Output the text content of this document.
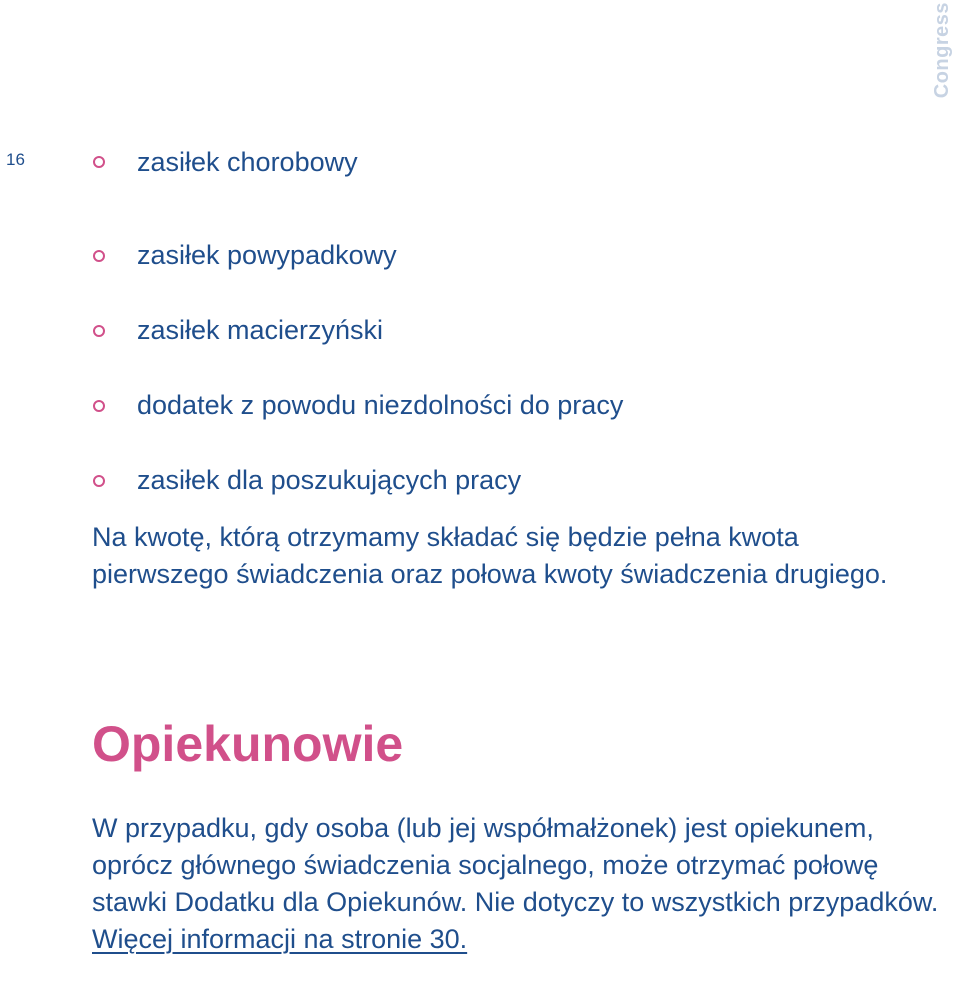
Congress
16	zasiłek chorobowy
zasiłek powypadkowy
zasiłek macierzyński
dodatek z powodu niezdolności do pracy
zasiłek dla poszukujących pracy

Na kwotę, którą otrzymamy składać się będzie pełna kwota pierwszego świadczenia oraz połowa kwoty świadczenia drugiego.

Opiekunowie

W przypadku, gdy osoba (lub jej współmałżonek) jest opiekunem, oprócz głównego świadczenia socjalnego, może otrzymać połowę stawki Dodatku dla Opiekunów. Nie dotyczy to wszystkich przypadków. Więcej informacji na stronie 30.
